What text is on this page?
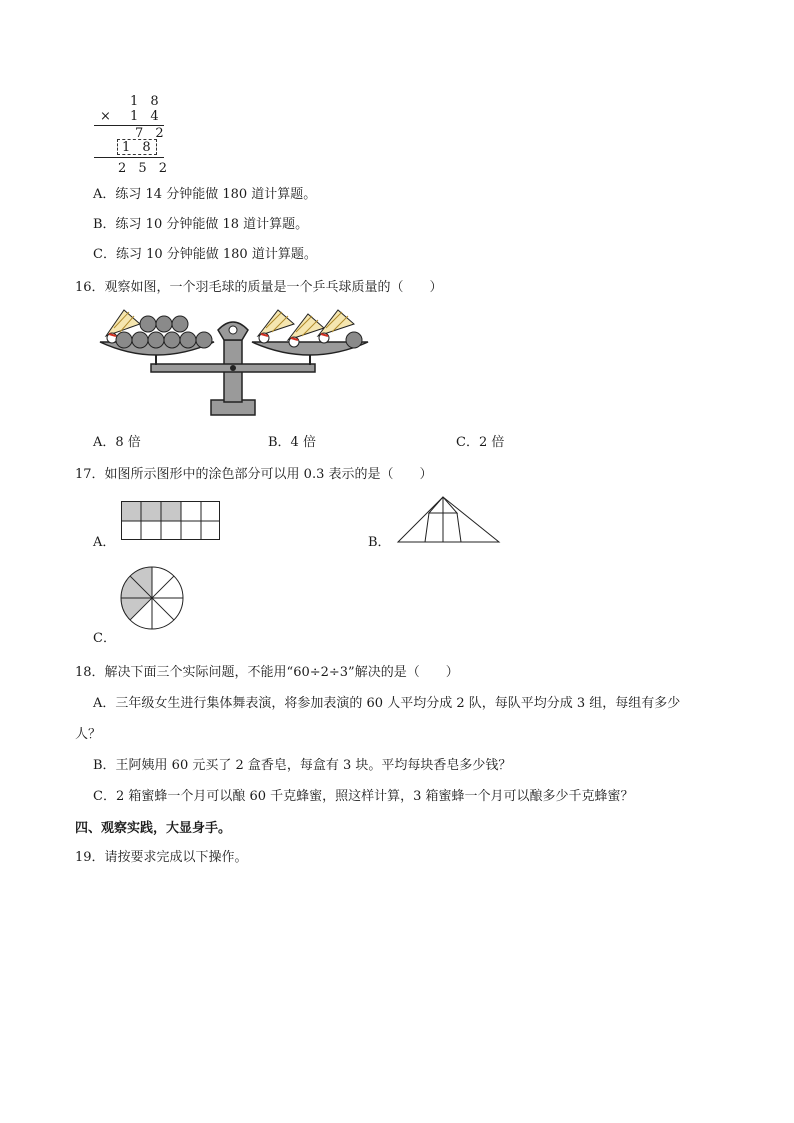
1 8
× 1 4
7 2
1 8
2 5 2
A．练习 14 分钟能做 180 道计算题。
B．练习 10 分钟能做 18 道计算题。
C．练习 10 分钟能做 180 道计算题。
16．观察如图，一个羽毛球的质量是一个乒乓球质量的（　　）
A．8 倍	B．4 倍	C．2 倍
17．如图所示图形中的涂色部分可以用 0.3 表示的是（　　）
A．	B．
C．
18．解决下面三个实际问题，不能用“60÷2÷3”解决的是（　　）
A．三年级女生进行集体舞表演，将参加表演的 60 人平均分成 2 队，每队平均分成 3 组，每组有多少
人？
B．王阿姨用 60 元买了 2 盒香皂，每盒有 3 块。平均每块香皂多少钱？
C．2 箱蜜蜂一个月可以酿 60 千克蜂蜜，照这样计算，3 箱蜜蜂一个月可以酿多少千克蜂蜜？
四、观察实践，大显身手。
19．请按要求完成以下操作。
